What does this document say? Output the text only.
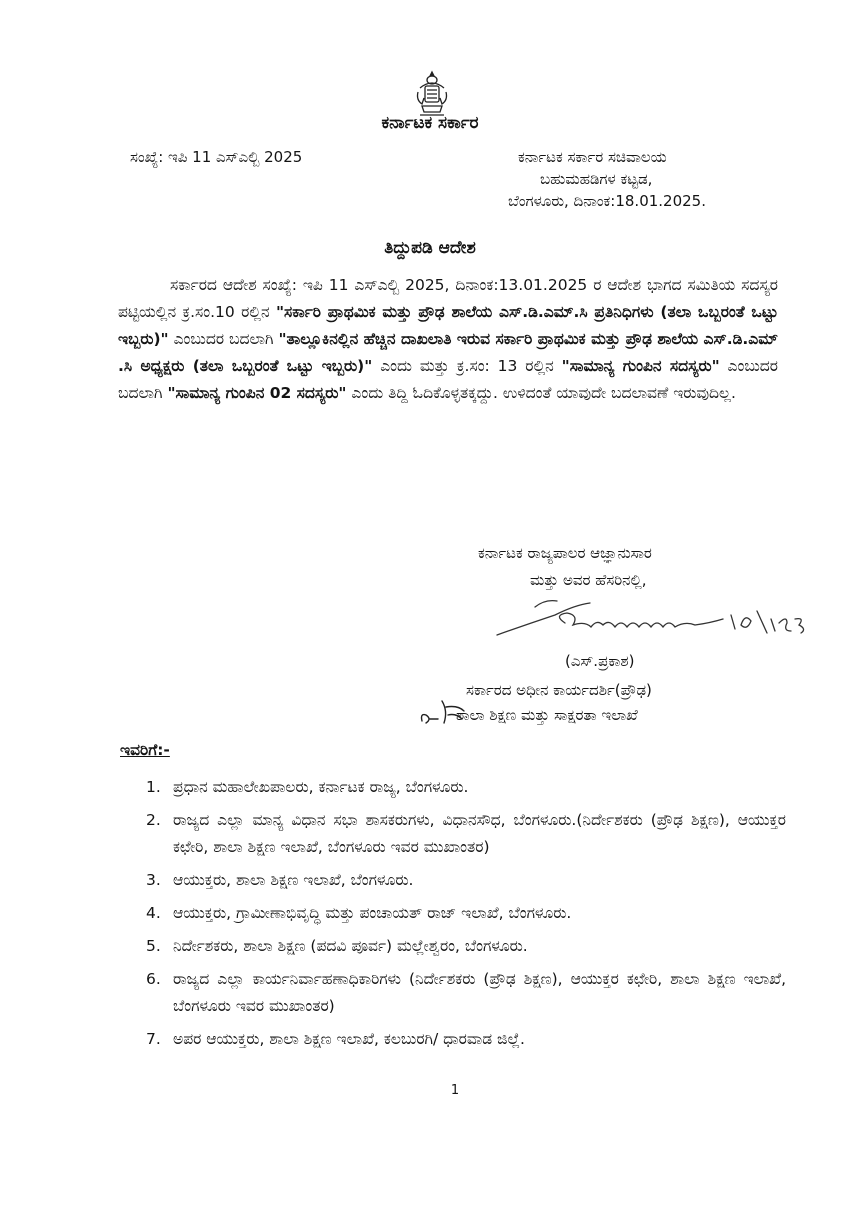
ಕರ್ನಾಟಕ ಸರ್ಕಾರ
ಸಂಖ್ಯೆ: ಇಪಿ 11 ಎಸ್ಎಲ್ಬಿ 2025	ಕರ್ನಾಟಕ ಸರ್ಕಾರ ಸಚಿವಾಲಯ
ಬಹುಮಹಡಿಗಳ ಕಟ್ಟಡ,
ಬೆಂಗಳೂರು, ದಿನಾಂಕ:18.01.2025.
ತಿದ್ದುಪಡಿ ಆದೇಶ
ಸರ್ಕಾರದ ಆದೇಶ ಸಂಖ್ಯೆ: ಇಪಿ 11 ಎಸ್ಎಲ್ಬಿ 2025, ದಿನಾಂಕ:13.01.2025 ರ ಆದೇಶ ಭಾಗದ ಸಮಿತಿಯ ಸದಸ್ಯರ ಪಟ್ಟಿಯಲ್ಲಿನ ಕ್ರ.ಸಂ.10 ರಲ್ಲಿನ "ಸರ್ಕಾರಿ ಪ್ರಾಥಮಿಕ ಮತ್ತು ಪ್ರೌಢ ಶಾಲೆಯ ಎಸ್.ಡಿ.ಎಮ್.ಸಿ ಪ್ರತಿನಿಧಿಗಳು (ತಲಾ ಒಬ್ಬರಂತೆ ಒಟ್ಟು ಇಬ್ಬರು)" ಎಂಬುದರ ಬದಲಾಗಿ "ತಾಲ್ಲೂಕಿನಲ್ಲಿನ ಹೆಚ್ಚಿನ ದಾಖಲಾತಿ ಇರುವ ಸರ್ಕಾರಿ ಪ್ರಾಥಮಿಕ ಮತ್ತು ಪ್ರೌಢ ಶಾಲೆಯ ಎಸ್.ಡಿ.ಎಮ್ .ಸಿ ಅಧ್ಯಕ್ಷರು (ತಲಾ ಒಬ್ಬರಂತೆ ಒಟ್ಟು ಇಬ್ಬರು)" ಎಂದು ಮತ್ತು ಕ್ರ.ಸಂ: 13 ರಲ್ಲಿನ "ಸಾಮಾನ್ಯ ಗುಂಪಿನ ಸದಸ್ಯರು" ಎಂಬುದರ ಬದಲಾಗಿ "ಸಾಮಾನ್ಯ ಗುಂಪಿನ 02 ಸದಸ್ಯರು" ಎಂದು ತಿದ್ದಿ ಓದಿಕೊಳ್ಳತಕ್ಕದ್ದು. ಉಳಿದಂತೆ ಯಾವುದೇ ಬದಲಾವಣೆ ಇರುವುದಿಲ್ಲ.
ಕರ್ನಾಟಕ ರಾಜ್ಯಪಾಲರ ಆಜ್ಞಾನುಸಾರ
ಮತ್ತು ಅವರ ಹೆಸರಿನಲ್ಲಿ,
(ಎಸ್.ಪ್ರಕಾಶ)
ಸರ್ಕಾರದ ಅಧೀನ ಕಾರ್ಯದರ್ಶಿ(ಪ್ರೌಢ)
ಶಾಲಾ ಶಿಕ್ಷಣ ಮತ್ತು ಸಾಕ್ಷರತಾ ಇಲಾಖೆ
ಇವರಿಗೆ:-
1. ಪ್ರಧಾನ ಮಹಾಲೇಖಪಾಲರು, ಕರ್ನಾಟಕ ರಾಜ್ಯ, ಬೆಂಗಳೂರು.
2. ರಾಜ್ಯದ ಎಲ್ಲಾ ಮಾನ್ಯ ವಿಧಾನ ಸಭಾ ಶಾಸಕರುಗಳು, ವಿಧಾನಸೌಧ, ಬೆಂಗಳೂರು.(ನಿರ್ದೇಶಕರು (ಪ್ರೌಢ ಶಿಕ್ಷಣ), ಆಯುಕ್ತರ ಕಛೇರಿ, ಶಾಲಾ ಶಿಕ್ಷಣ ಇಲಾಖೆ, ಬೆಂಗಳೂರು ಇವರ ಮುಖಾಂತರ)
3. ಆಯುಕ್ತರು, ಶಾಲಾ ಶಿಕ್ಷಣ ಇಲಾಖೆ, ಬೆಂಗಳೂರು.
4. ಆಯುಕ್ತರು, ಗ್ರಾಮೀಣಾಭಿವೃದ್ಧಿ ಮತ್ತು ಪಂಚಾಯತ್ ರಾಜ್ ಇಲಾಖೆ, ಬೆಂಗಳೂರು.
5. ನಿರ್ದೇಶಕರು, ಶಾಲಾ ಶಿಕ್ಷಣ (ಪದವಿ ಪೂರ್ವ) ಮಲ್ಲೇಶ್ವರಂ, ಬೆಂಗಳೂರು.
6. ರಾಜ್ಯದ ಎಲ್ಲಾ ಕಾರ್ಯನಿರ್ವಾಹಣಾಧಿಕಾರಿಗಳು (ನಿರ್ದೇಶಕರು (ಪ್ರೌಢ ಶಿಕ್ಷಣ), ಆಯುಕ್ತರ ಕಛೇರಿ, ಶಾಲಾ ಶಿಕ್ಷಣ ಇಲಾಖೆ, ಬೆಂಗಳೂರು ಇವರ ಮುಖಾಂತರ)
7. ಅಪರ ಆಯುಕ್ತರು, ಶಾಲಾ ಶಿಕ್ಷಣ ಇಲಾಖೆ, ಕಲಬುರಗಿ/ ಧಾರವಾಡ ಜಿಲ್ಲೆ.
1
